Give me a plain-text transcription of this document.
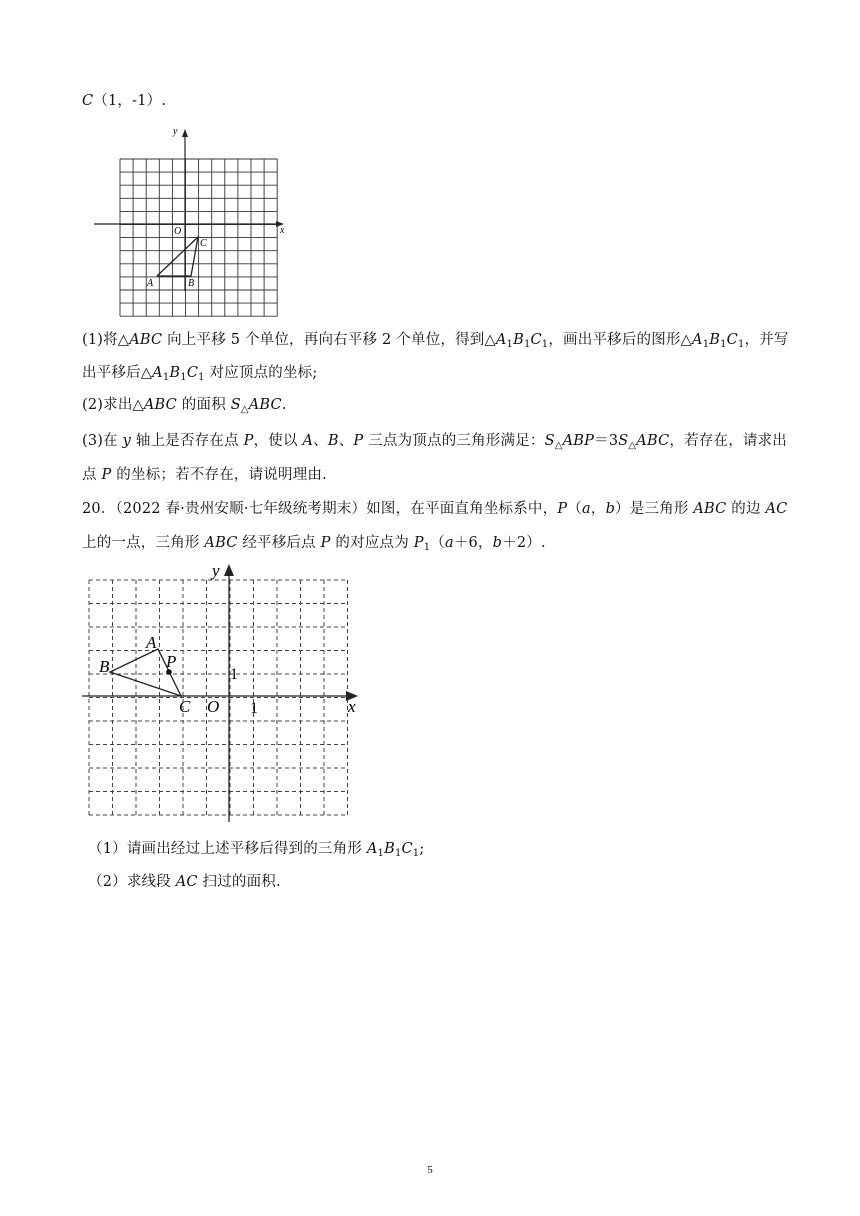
C（1，-1）.
x
y
O
A	B
C
(1)将△ABC 向上平移 5 个单位，再向右平移 2 个单位，得到$\triangle A_1B_1C_1$，画出平移后的图形$\triangle A_1B_1C_1$，并写
出平移后$\triangle A_1B_1C_1$ 对应顶点的坐标;
(2)求出△ABC 的面积 $S_\triangle ABC$.
(3)在 y 轴上是否存在点 P，使以 A、B、P 三点为顶点的三角形满足：$S_\triangle ABP=3S_\triangle ABC$，若存在，请求出
点 P 的坐标；若不存在，请说明理由.
20．（2022 春·贵州安顺·七年级统考期末）如图，在平面直角坐标系中，P（a，b）是三角形 ABC 的边 AC
上的一点，三角形 ABC 经平移后点 P 的对应点为 $P_1(a+6$，b＋2）.
x
y
O 1
1
A
B
C
P
（1）请画出经过上述平移后得到的三角形 $A_1B_1C_1$;
（2）求线段 AC 扫过的面积.
5
